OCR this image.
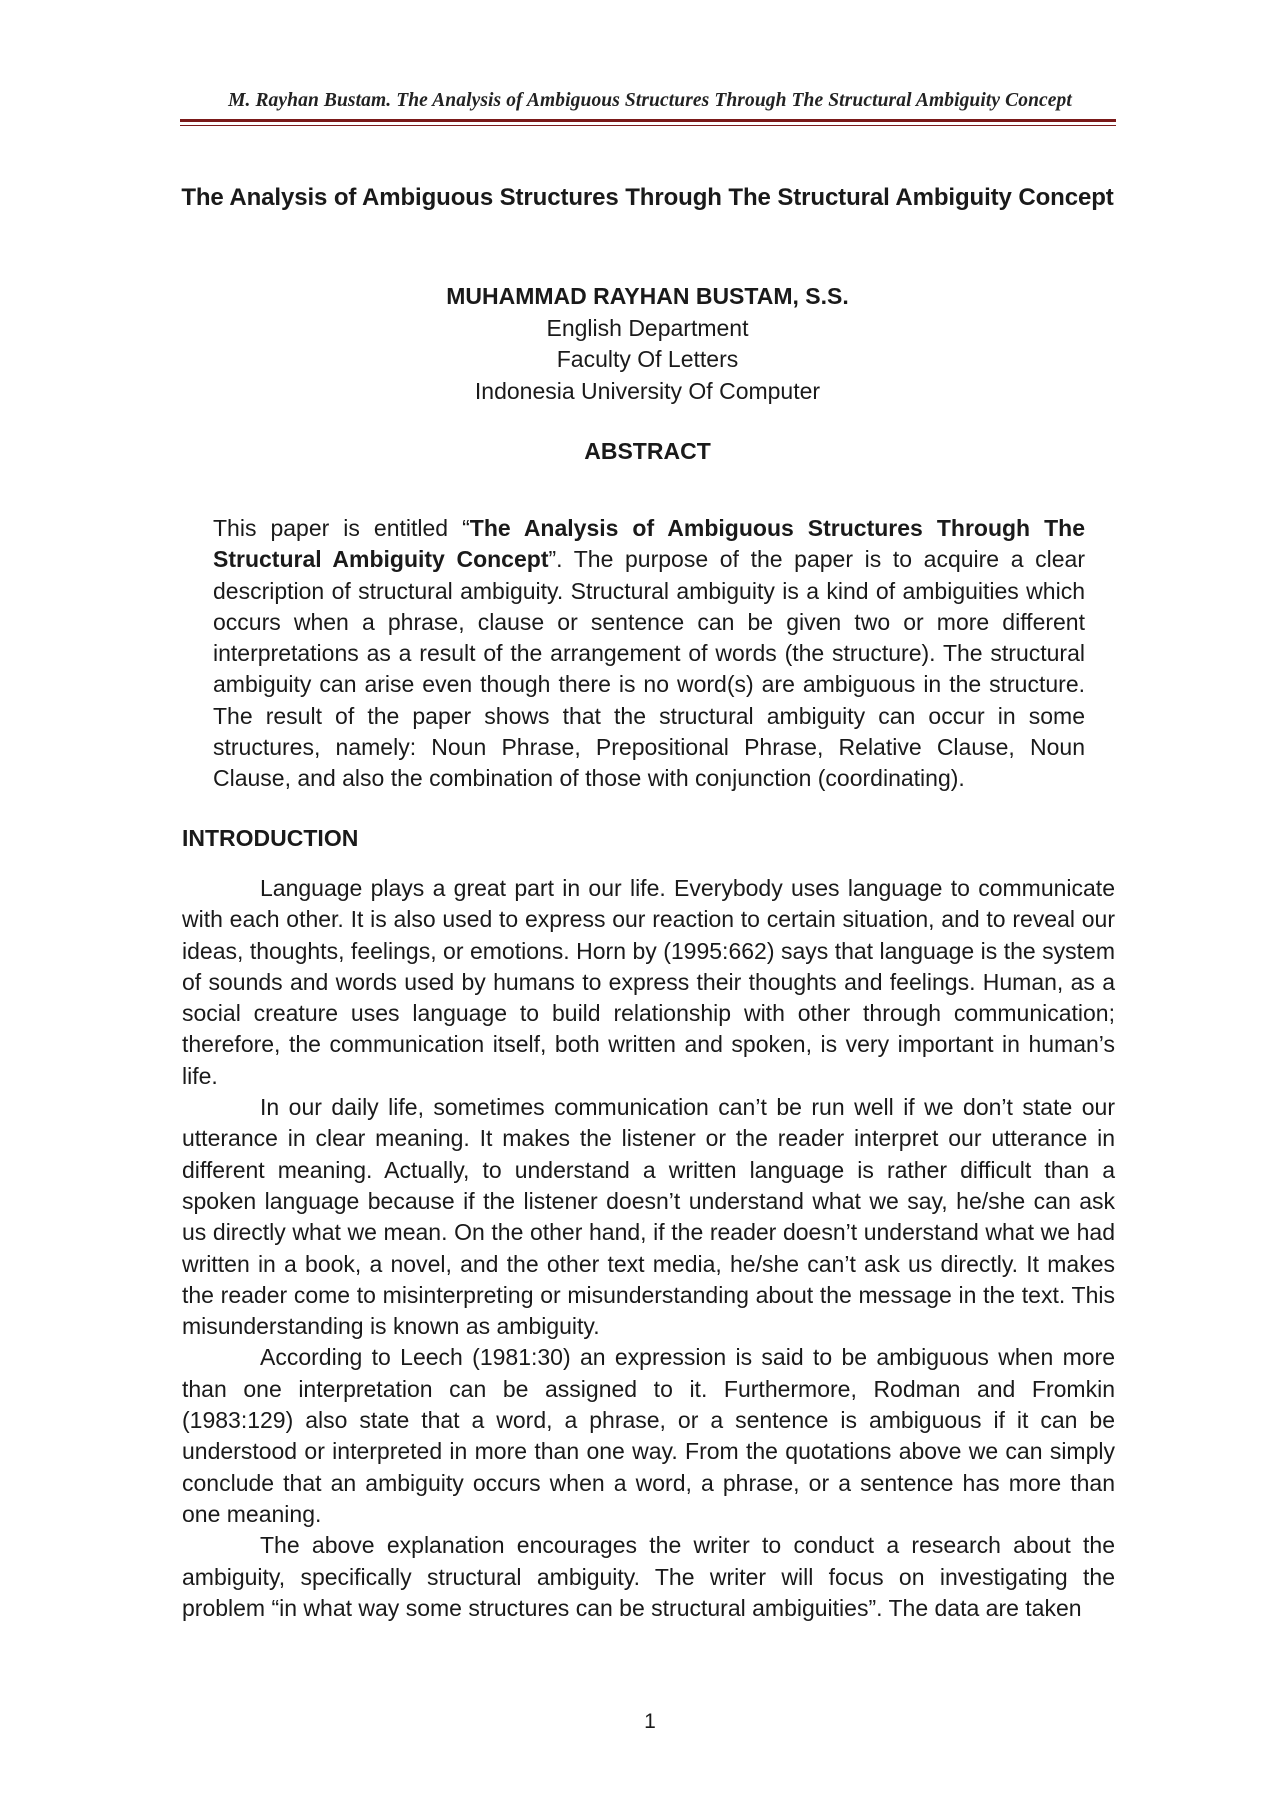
M. Rayhan Bustam. The Analysis of Ambiguous Structures Through The Structural Ambiguity Concept
The Analysis of Ambiguous Structures Through The Structural Ambiguity Concept
MUHAMMAD RAYHAN BUSTAM, S.S.
English Department
Faculty Of Letters
Indonesia University Of Computer
ABSTRACT
This paper is entitled “The Analysis of Ambiguous Structures Through The Structural Ambiguity Concept”. The purpose of the paper is to acquire a clear description of structural ambiguity. Structural ambiguity is a kind of ambiguities which occurs when a phrase, clause or sentence can be given two or more different interpretations as a result of the arrangement of words (the structure). The structural ambiguity can arise even though there is no word(s) are ambiguous in the structure. The result of the paper shows that the structural ambiguity can occur in some structures, namely: Noun Phrase, Prepositional Phrase, Relative Clause, Noun Clause, and also the combination of those with conjunction (coordinating).
INTRODUCTION

Language plays a great part in our life. Everybody uses language to communicate with each other. It is also used to express our reaction to certain situation, and to reveal our ideas, thoughts, feelings, or emotions. Horn by (1995:662) says that language is the system of sounds and words used by humans to express their thoughts and feelings. Human, as a social creature uses language to build relationship with other through communication; therefore, the communication itself, both written and spoken, is very important in human’s life.

In our daily life, sometimes communication can’t be run well if we don’t state our utterance in clear meaning. It makes the listener or the reader interpret our utterance in different meaning. Actually, to understand a written language is rather difficult than a spoken language because if the listener doesn’t understand what we say, he/she can ask us directly what we mean. On the other hand, if the reader doesn’t understand what we had written in a book, a novel, and the other text media, he/she can’t ask us directly. It makes the reader come to misinterpreting or misunderstanding about the message in the text. This misunderstanding is known as ambiguity.

According to Leech (1981:30) an expression is said to be ambiguous when more than one interpretation can be assigned to it. Furthermore, Rodman and Fromkin (1983:129) also state that a word, a phrase, or a sentence is ambiguous if it can be understood or interpreted in more than one way. From the quotations above we can simply conclude that an ambiguity occurs when a word, a phrase, or a sentence has more than one meaning.

The above explanation encourages the writer to conduct a research about the ambiguity, specifically structural ambiguity. The writer will focus on investigating the problem “in what way some structures can be structural ambiguities”. The data are taken

1
